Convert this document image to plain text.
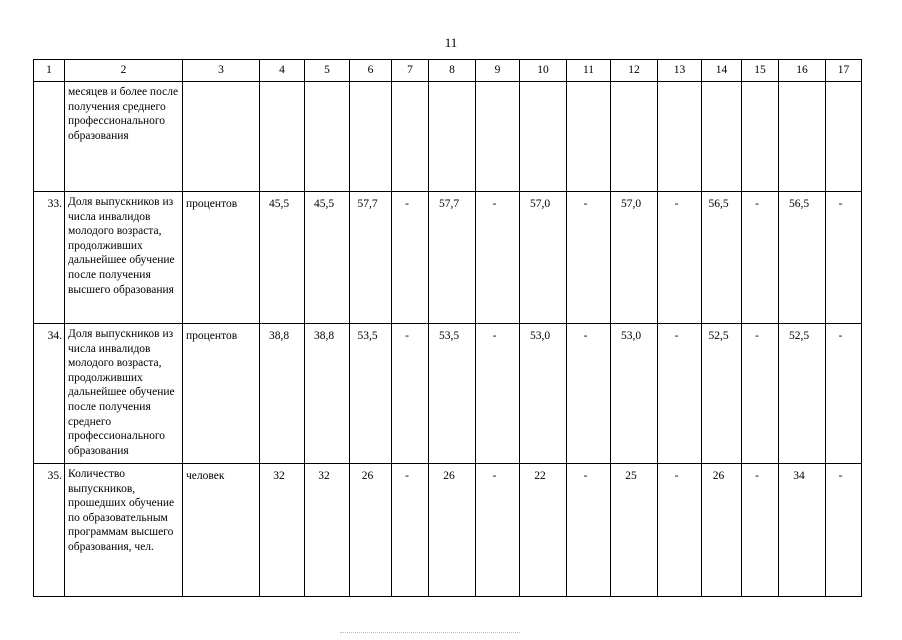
11
1	2	3	4	5	6	7	8	9	10	11	12	13	14	15	16	17
	месяцев и более после получения среднего профессионального образования															
33.	Доля выпускников из числа инвалидов молодого возраста, продолживших дальнейшее обучение после получения высшего образования	процентов	45,5	45,5	57,7	-	57,7	-	57,0	-	57,0	-	56,5	-	56,5	-
34.	Доля выпускников из числа инвалидов молодого возраста, продолживших дальнейшее обучение после получения среднего профессионального образования	процентов	38,8	38,8	53,5	-	53,5	-	53,0	-	53,0	-	52,5	-	52,5	-
35.	Количество выпускников, прошедших обучение по образовательным программам высшего образования, чел.	человек	32	32	26	-	26	-	22	-	25	-	26	-	34	-
